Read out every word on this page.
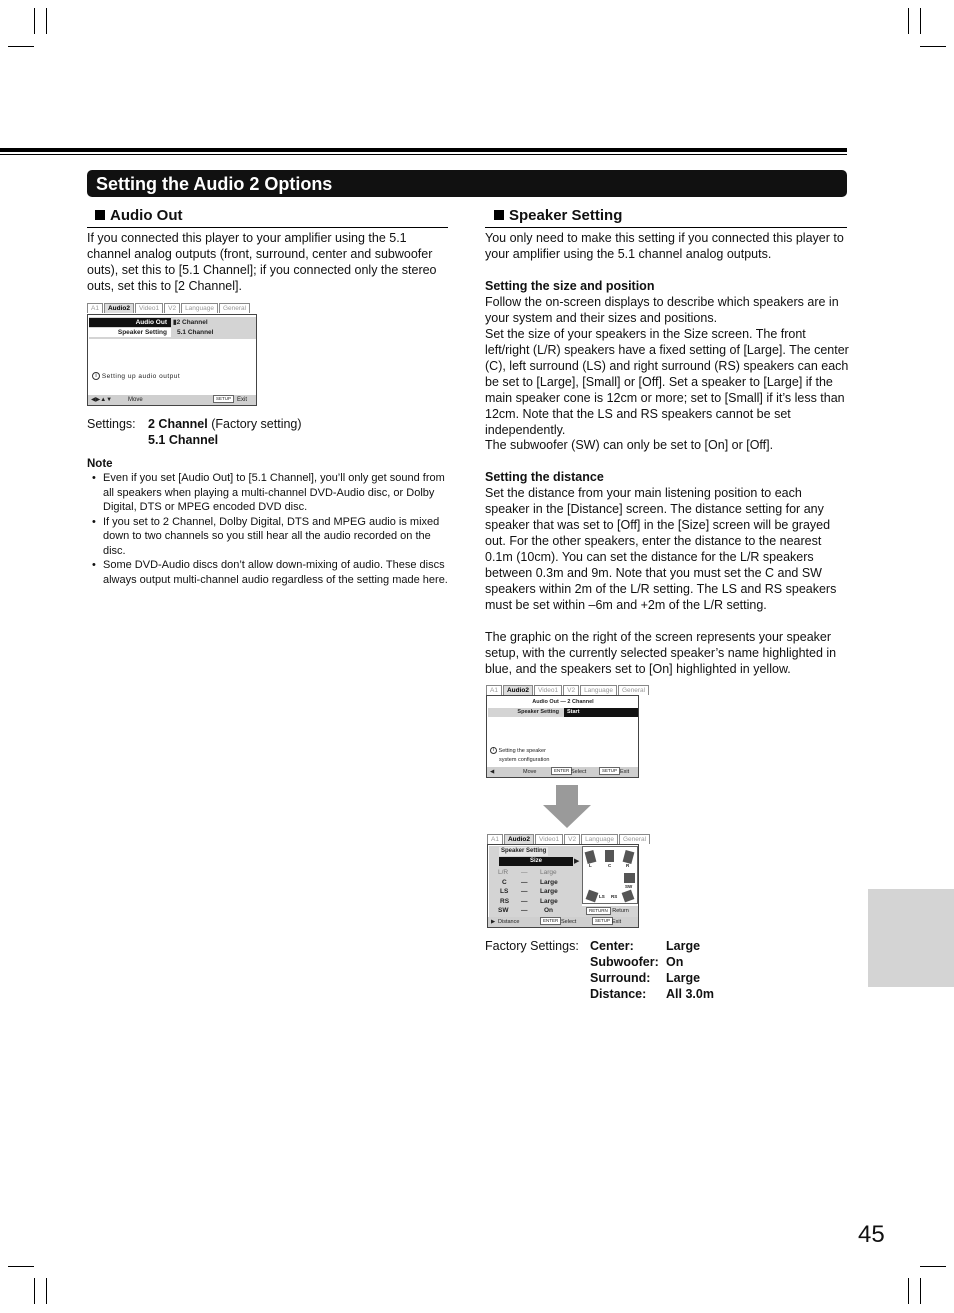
Setting the Audio 2 Options
Audio Out
If you connected this player to your amplifier using the 5.1 channel analog outputs (front, surround, center and subwoofer outs), set this to [5.1 Channel]; if you connected only the stereo outs, set this to [2 Channel].
A1	Audio2	Video1	V2	Language	General
Audio Out ▮2 Channel
Speaker Setting	5.1 Channel
i Setting up audio output
◀▶▲▼	Move	SETUP Exit
Settings: 2 Channel (Factory setting)
5.1 Channel
Note
• Even if you set [Audio Out] to [5.1 Channel], you’ll only get sound from all speakers when playing a multi-channel DVD-Audio disc, or Dolby Digital, DTS or MPEG encoded DVD disc.
• If you set to 2 Channel, Dolby Digital, DTS and MPEG audio is mixed down to two channels so you still hear all the audio recorded on the disc.
• Some DVD-Audio discs don’t allow down-mixing of audio. These discs always output multi-channel audio regardless of the setting made here.
Speaker Setting
You only need to make this setting if you connected this player to your amplifier using the 5.1 channel analog outputs.
Setting the size and position
Follow the on-screen displays to describe which speakers are in your system and their sizes and positions.
Set the size of your speakers in the Size screen. The front left/right (L/R) speakers have a fixed setting of [Large]. The center (C), left surround (LS) and right surround (RS) speakers can each be set to [Large], [Small] or [Off]. Set a speaker to [Large] if the main speaker cone is 12cm or more; set to [Small] if it’s less than 12cm. Note that the LS and RS speakers cannot be set independently.
The subwoofer (SW) can only be set to [On] or [Off].
Setting the distance
Set the distance from your main listening position to each speaker in the [Distance] screen. The distance setting for any speaker that was set to [Off] in the [Size] screen will be grayed out. For the other speakers, enter the distance to the nearest 0.1m (10cm). You can set the distance for the L/R speakers between 0.3m and 9m. Note that you must set the C and SW speakers within 2m of the L/R setting. The LS and RS speakers must be set within –6m and +2m of the L/R setting.
The graphic on the right of the screen represents your speaker setup, with the currently selected speaker’s name highlighted in blue, and the speakers set to [On] highlighted in yellow.
A1	Audio2	Video1	V2	Language	General
Audio Out — 2 Channel
Speaker Setting	Start
i Setting the speaker
system configuration
◀	Move	ENTER Select	SETUP Exit
A1	Audio2	Video1	V2	Language	General
Speaker Setting
Size	▶
L/R	—	Large
C	—	Large
LS	—	Large
RS	—	Large
SW	—	On
L	C	R
SW
LS RS
RETURN Return
▶ Distance	ENTER Select	SETUP Exit
Factory Settings: Center:	Large
Subwoofer: On
Surround:	Large
Distance:	All 3.0m
45
